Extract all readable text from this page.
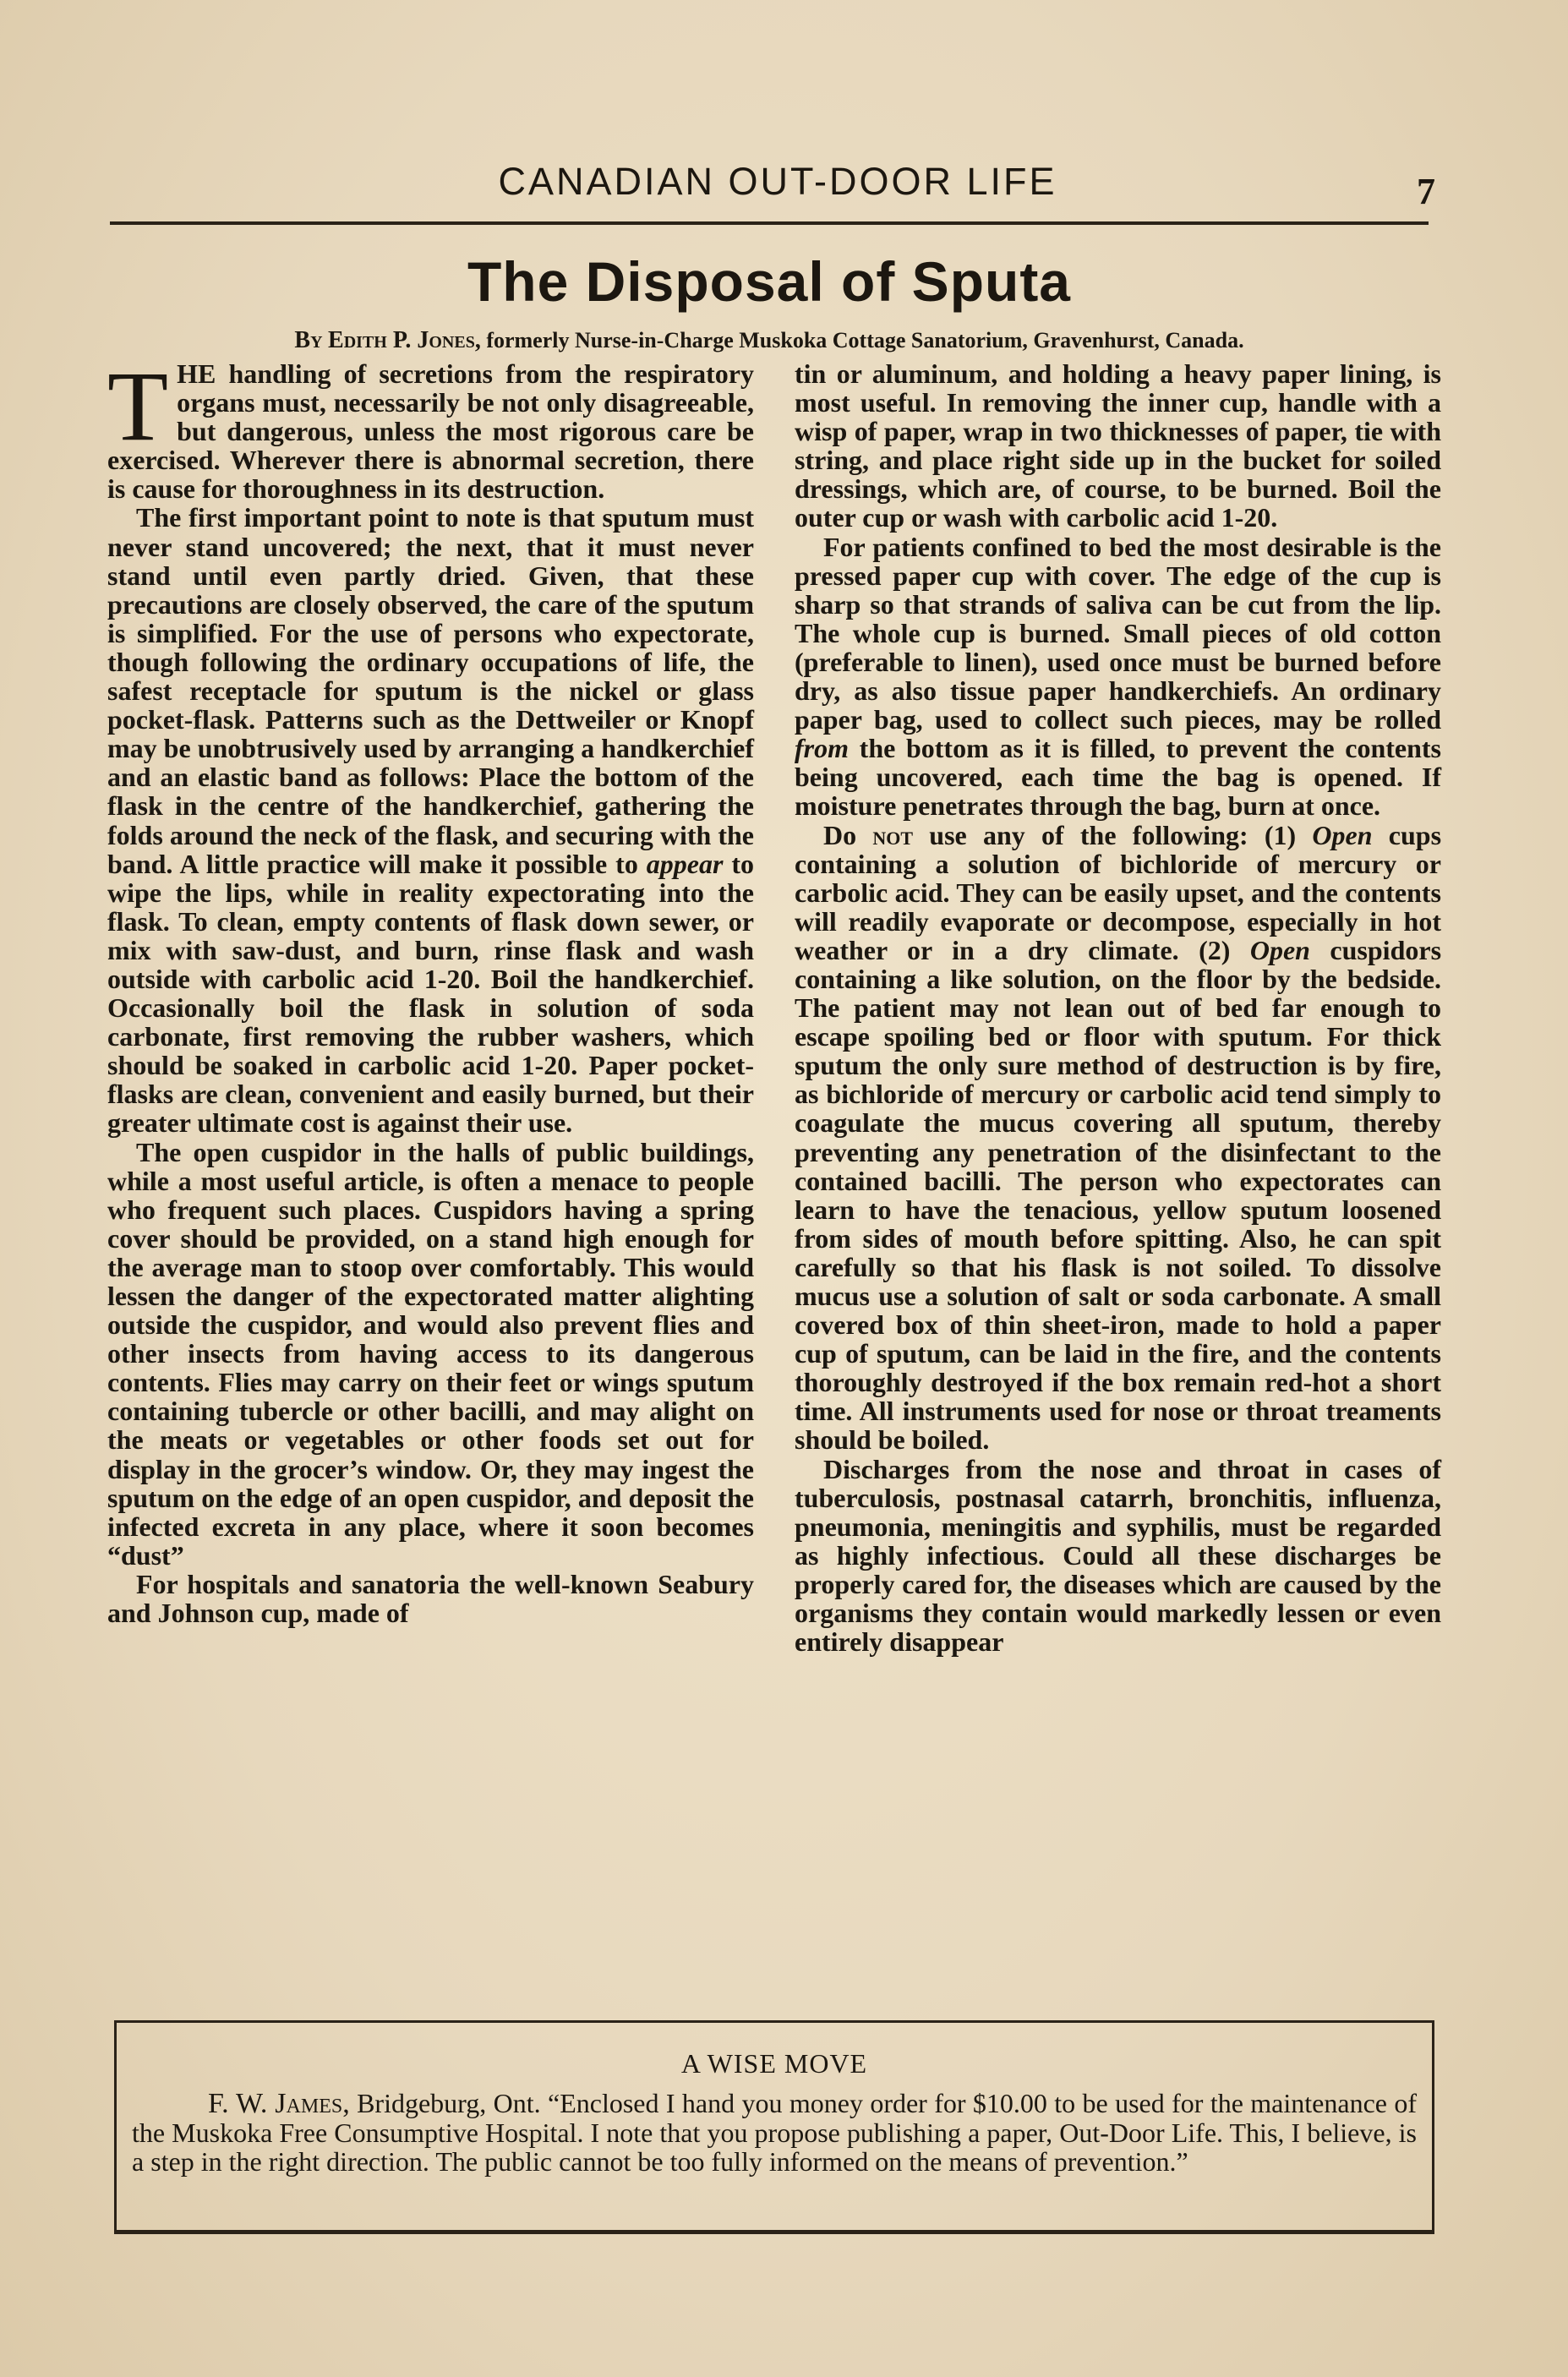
CANADIAN OUT-DOOR LIFE	7
The Disposal of Sputa
By Edith P. Jones, formerly Nurse-in-Charge Muskoka Cottage Sanatorium, Gravenhurst, Canada.

THE handling of secretions from the respiratory organs must, necessarily be not only disagreeable, but dangerous, unless the most rigorous care be exercised. Wherever there is abnormal secretion, there is cause for thoroughness in its destruction.

The first important point to note is that sputum must never stand uncovered; the next, that it must never stand until even partly dried. Given, that these precautions are closely observed, the care of the sputum is simplified. For the use of persons who expectorate, though following the ordinary occupations of life, the safest receptacle for sputum is the nickel or glass pocket-flask. Patterns such as the Dettweiler or Knopf may be unobtrusively used by arranging a handkerchief and an elastic band as follows: Place the bottom of the flask in the centre of the handkerchief, gathering the folds around the neck of the flask, and securing with the band. A little practice will make it possible to appear to wipe the lips, while in reality expectorating into the flask. To clean, empty contents of flask down sewer, or mix with saw-dust, and burn, rinse flask and wash outside with carbolic acid 1-20. Boil the handkerchief. Occasionally boil the flask in solution of soda carbonate, first removing the rubber washers, which should be soaked in carbolic acid 1-20. Paper pocket-flasks are clean, convenient and easily burned, but their greater ultimate cost is against their use.

The open cuspidor in the halls of public buildings, while a most useful article, is often a menace to people who frequent such places. Cuspidors having a spring cover should be provided, on a stand high enough for the average man to stoop over comfortably. This would lessen the danger of the expectorated matter alighting outside the cuspidor, and would also prevent flies and other insects from having access to its dangerous contents. Flies may carry on their feet or wings sputum containing tubercle or other bacilli, and may alight on the meats or vegetables or other foods set out for display in the grocer’s window. Or, they may ingest the sputum on the edge of an open cuspidor, and deposit the infected excreta in any place, where it soon becomes “dust”

For hospitals and sanatoria the well-known Seabury and Johnson cup, made of

tin or aluminum, and holding a heavy paper lining, is most useful. In removing the inner cup, handle with a wisp of paper, wrap in two thicknesses of paper, tie with string, and place right side up in the bucket for soiled dressings, which are, of course, to be burned. Boil the outer cup or wash with carbolic acid 1-20.

For patients confined to bed the most desirable is the pressed paper cup with cover. The edge of the cup is sharp so that strands of saliva can be cut from the lip. The whole cup is burned. Small pieces of old cotton (preferable to linen), used once must be burned before dry, as also tissue paper handkerchiefs. An ordinary paper bag, used to collect such pieces, may be rolled from the bottom as it is filled, to prevent the contents being uncovered, each time the bag is opened. If moisture penetrates through the bag, burn at once.

Do not use any of the following: (1) Open cups containing a solution of bichloride of mercury or carbolic acid. They can be easily upset, and the contents will readily evaporate or decompose, especially in hot weather or in a dry climate. (2) Open cuspidors containing a like solution, on the floor by the bedside. The patient may not lean out of bed far enough to escape spoiling bed or floor with sputum. For thick sputum the only sure method of destruction is by fire, as bichloride of mercury or carbolic acid tend simply to coagulate the mucus covering all sputum, thereby preventing any penetration of the disinfectant to the contained bacilli. The person who expectorates can learn to have the tenacious, yellow sputum loosened from sides of mouth before spitting. Also, he can spit carefully so that his flask is not soiled. To dissolve mucus use a solution of salt or soda carbonate. A small covered box of thin sheet-iron, made to hold a paper cup of sputum, can be laid in the fire, and the contents thoroughly destroyed if the box remain red-hot a short time. All instruments used for nose or throat treaments should be boiled.

Discharges from the nose and throat in cases of tuberculosis, postnasal catarrh, bronchitis, influenza, pneumonia, meningitis and syphilis, must be regarded as highly infectious. Could all these discharges be properly cared for, the diseases which are caused by the organisms they contain would markedly lessen or even entirely disappear

A WISE MOVE
F. W. James, Bridgeburg, Ont. “Enclosed I hand you money order for $10.00 to be used for the maintenance of the Muskoka Free Consumptive Hospital. I note that you propose publishing a paper, Out-Door Life. This, I believe, is a step in the right direction. The public cannot be too fully informed on the means of prevention.”
